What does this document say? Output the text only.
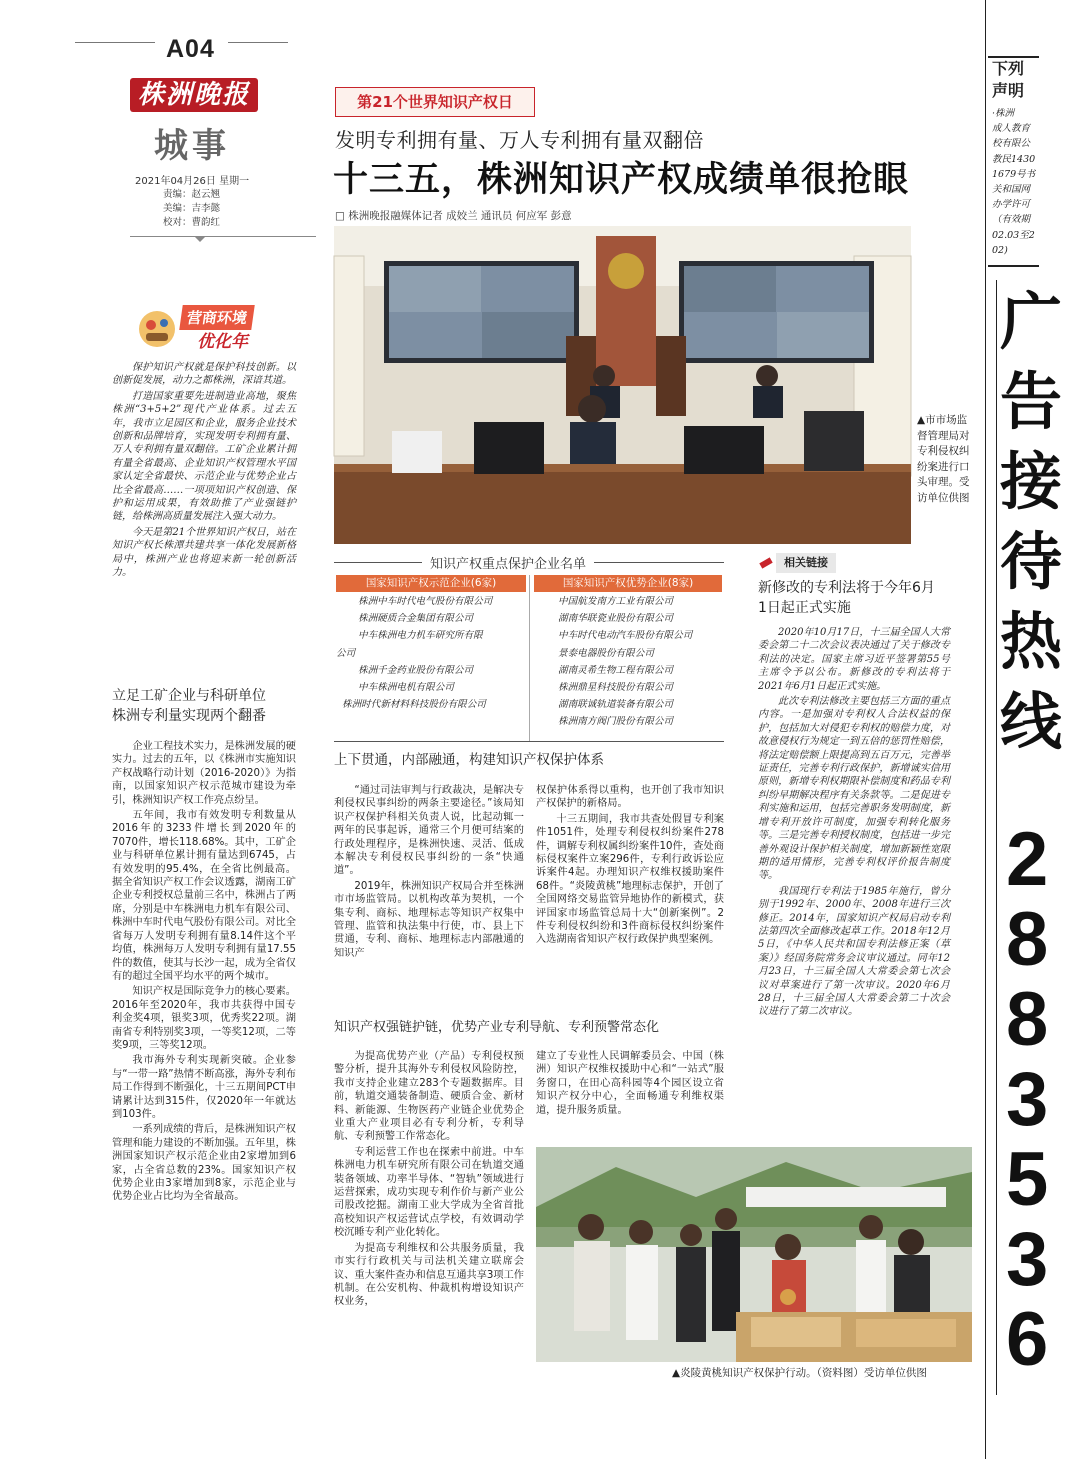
A04
株洲晚报
城事
2021年04月26日 星期一
责编：赵云翘
美编：吉李懿
校对：曹韵红
营商环境
优化年

保护知识产权就是保护科技创新。以创新促发展，动力之都株洲，深谙其道。

打造国家重要先进制造业高地，聚焦株洲“3+5+2”现代产业体系。过去五年，我市立足园区和企业，服务企业技术创新和品牌培育，实现发明专利拥有量、万人专利拥有量双翻倍。工矿企业累计拥有量全省最高、企业知识产权管理水平国家认定全省最快、示范企业与优势企业占比全省最高……一项项知识产权创造、保护和运用成果，有效助推了产业强链护链，给株洲高质量发展注入强大动力。

今天是第21个世界知识产权日，站在知识产权长株潭共建共享一体化发展新格局中，株洲产业也将迎来新一轮创新活力。

立足工矿企业与科研单位
株洲专利量实现两个翻番

企业工程技术实力，是株洲发展的硬实力。过去的五年，以《株洲市实施知识产权战略行动计划（2016-2020）》为指南，以国家知识产权示范城市建设为牵引，株洲知识产权工作亮点纷呈。

五年间，我市有效发明专利数量从2016年的3233件增长到2020年的7070件，增长118.68%。其中，工矿企业与科研单位累计拥有量达到6745，占有效发明的95.4%，在全省比例最高。据全省知识产权工作会议透露，湖南工矿企业专利授权总量前三名中，株洲占了两席，分别是中车株洲电力机车有限公司、株洲中车时代电气股份有限公司。对比全省每万人发明专利拥有量8.14件这个平均值，株洲每万人发明专利拥有量17.55件的数值，使其与长沙一起，成为全省仅有的超过全国平均水平的两个城市。

知识产权是国际竞争力的核心要素。2016年至2020年，我市共获得中国专利金奖4项，银奖3项，优秀奖22项。湖南省专利特别奖3项，一等奖12项，二等奖9项，三等奖12项。

我市海外专利实现新突破。企业参与“一带一路”热情不断高涨，海外专利布局工作得到不断强化，十三五期间PCT申请累计达到315件，仅2020年一年就达到103件。

一系列成绩的背后，是株洲知识产权管理和能力建设的不断加强。五年里，株洲国家知识产权示范企业由2家增加到6家，占全省总数的23%。国家知识产权优势企业由3家增加到8家，示范企业与优势企业占比均为全省最高。

第21个世界知识产权日
发明专利拥有量、万人专利拥有量双翻倍
十三五，株洲知识产权成绩单很抢眼
□ 株洲晚报融媒体记者 成姣兰 通讯员 何应军 彭意
▲市市场监督管理局对专利侵权纠纷案进行口头审理。受访单位供图
知识产权重点保护企业名单
国家知识产权示范企业(6家)	国家知识产权优势企业(8家)
株洲中车时代电气股份有限公司
株洲硬质合金集团有限公司
中车株洲电力机车研究所有限
公司
株洲千金药业股份有限公司
中车株洲电机有限公司
株洲时代新材料科技股份有限公司
中国航发南方工业有限公司
湖南华联瓷业股份有限公司
中车时代电动汽车股份有限公司
景泰电器股份有限公司
湖南灵希生物工程有限公司
株洲鼎星科技股份有限公司
湖南联诚轨道装备有限公司
株洲南方阀门股份有限公司
上下贯通，内部融通，构建知识产权保护体系

“通过司法审判与行政裁决，是解决专利侵权民事纠纷的两条主要途径。”该局知识产权保护科相关负责人说，比起动辄一两年的民事起诉，通常三个月便可结案的行政处理程序，是株洲快速、灵活、低成本解决专利侵权民事纠纷的一条“快通道”。

2019年，株洲知识产权局合并至株洲市市场监管局。以机构改革为契机，一个集专利、商标、地理标志等知识产权集中管理、监管和执法集中行使，市、县上下贯通，专利、商标、地理标志内部融通的知识产

权保护体系得以重构，也开创了我市知识产权保护的新格局。

十三五期间，我市共查处假冒专利案件1051件，处理专利侵权纠纷案件278件，调解专利权属纠纷案件10件，查处商标侵权案件立案296件，专利行政诉讼应诉案件4起。办理知识产权维权援助案件68件。“炎陵黄桃”地理标志保护，开创了全国网络交易监管异地协作的新模式，获评国家市场监管总局十大“创新案例”。2件专利侵权纠纷和3件商标侵权纠纷案件入选湖南省知识产权行政保护典型案例。

知识产权强链护链，优势产业专利导航、专利预警常态化

为提高优势产业（产品）专利侵权预警分析，提升其海外专利侵权风险防控，我市支持企业建立283个专题数据库。目前，轨道交通装备制造、硬质合金、新材料、新能源、生物医药产业链企业优势企业重大产业项目必有专利分析，专利导航、专利预警工作常态化。

专利运营工作也在探索中前进。中车株洲电力机车研究所有限公司在轨道交通装备领域、功率半导体、“智轨”领域进行运营探索，成功实现专利作价与新产业公司股改挖掘。湖南工业大学成为全省首批高校知识产权运营试点学校，有效调动学校沉睡专利产业化转化。

为提高专利维权和公共服务质量，我市实行行政机关与司法机关建立联席会议、重大案件查办和信息互通共享3项工作机制。在公安机构、仲裁机构增设知识产权业务，

建立了专业性人民调解委员会、中国（株洲）知识产权维权援助中心和“一站式”服务窗口，在田心高科园等4个园区设立省知识产权分中心，全面畅通专利维权渠道，提升服务质量。

▲炎陵黄桃知识产权保护行动。（资料图）受访单位供图
相关链接
新修改的专利法将于今年6月
1日起正式实施

2020年10月17日，十三届全国人大常委会第二十二次会议表决通过了关于修改专利法的决定。国家主席习近平签署第55号主席令予以公布。新修改的专利法将于2021年6月1日起正式实施。

此次专利法修改主要包括三方面的重点内容。一是加强对专利权人合法权益的保护，包括加大对侵犯专利权的赔偿力度，对故意侵权行为规定一到五倍的惩罚性赔偿，将法定赔偿额上限提高到五百万元，完善举证责任，完善专利行政保护，新增诚实信用原则，新增专利权期限补偿制度和药品专利纠纷早期解决程序有关条款等。二是促进专利实施和运用，包括完善职务发明制度，新增专利开放许可制度，加强专利转化服务等。三是完善专利授权制度，包括进一步完善外观设计保护相关制度，增加新颖性宽限期的适用情形，完善专利权评价报告制度等。

我国现行专利法于1985年施行，曾分别于1992年、2000年、2008年进行三次修正。2014年，国家知识产权局启动专利法第四次全面修改起草工作。2018年12月5日，《中华人民共和国专利法修正案（草案）》经国务院常务会议审议通过。同年12月23日，十三届全国人大常委会第七次会议对草案进行了第一次审议。2020年6月28日，十三届全国人大常委会第二十次会议进行了第二次审议。

下列
声明
·株洲
成人教育
校有限公
教民1430
1679号书
关和国网
办学许可
（有效期
02.03至2
02)
广
告
接
待
热
线
2
8
8
3
5
3
6
